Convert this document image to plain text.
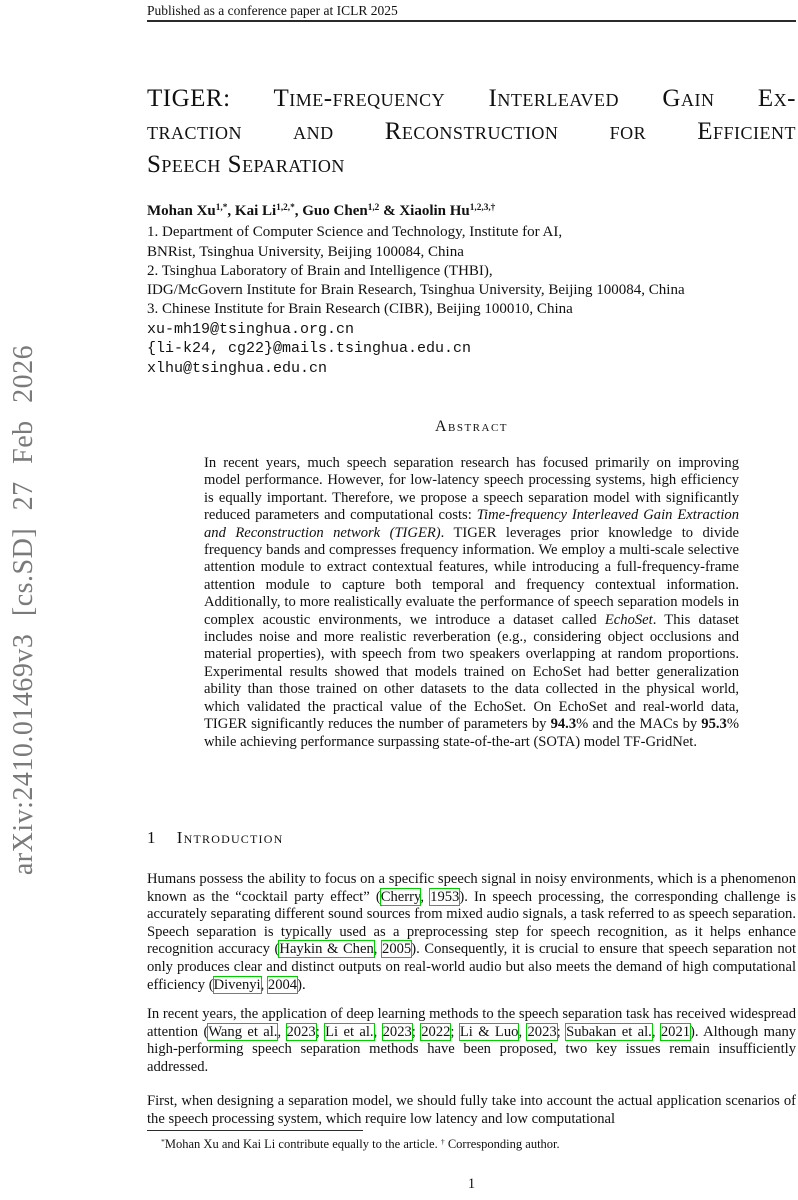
Published as a conference paper at ICLR 2025
arXiv:2410.01469v3 [cs.SD] 27 Feb 2026
TIGER: Time-frequency Interleaved Gain Ex-
traction and Reconstruction for Efficient
Speech Separation
Mohan $Xu^{1,*}$, Kai $Li^{1,2,*}$, Guo Chen$^{1,2}$ & Xiaolin $Hu^{1,2,3,\dagger}$
1. Department of Computer Science and Technology, Institute for AI,
BNRist, Tsinghua University, Beijing 100084, China
2. Tsinghua Laboratory of Brain and Intelligence (THBI),
IDG/McGovern Institute for Brain Research, Tsinghua University, Beijing 100084, China
3. Chinese Institute for Brain Research (CIBR), Beijing 100010, China
xu-mh19@tsinghua.org.cn
{li-k24, cg22}@mails.tsinghua.edu.cn
xlhu@tsinghua.edu.cn
Abstract
In recent years, much speech separation research has focused primarily on improving model performance. However, for low-latency speech processing systems, high efficiency is equally important. Therefore, we propose a speech separation model with significantly reduced parameters and computational costs: Time-frequency Interleaved Gain Extraction and Reconstruction network (TIGER). TIGER leverages prior knowledge to divide frequency bands and compresses frequency information. We employ a multi-scale selective attention module to extract contextual features, while introducing a full-frequency-frame attention module to capture both temporal and frequency contextual information. Additionally, to more realistically evaluate the performance of speech separation models in complex acoustic environments, we introduce a dataset called EchoSet. This dataset includes noise and more realistic reverberation (e.g., considering object occlusions and material properties), with speech from two speakers overlapping at random proportions. Experimental results showed that models trained on EchoSet had better generalization ability than those trained on other datasets to the data collected in the physical world, which validated the practical value of the EchoSet. On EchoSet and real-world data, TIGER significantly reduces the number of parameters by 94.3% and the MACs by 95.3% while achieving performance surpassing state-of-the-art (SOTA) model TF-GridNet.
1 Introduction
Humans possess the ability to focus on a specific speech signal in noisy environments, which is a phenomenon known as the “cocktail party effect” (Cherry, 1953). In speech processing, the corresponding challenge is accurately separating different sound sources from mixed audio signals, a task referred to as speech separation. Speech separation is typically used as a preprocessing step for speech recognition, as it helps enhance recognition accuracy (Haykin & Chen, 2005). Consequently, it is crucial to ensure that speech separation not only produces clear and distinct outputs on real-world audio but also meets the demand of high computational efficiency (Divenyi, 2004).
In recent years, the application of deep learning methods to the speech separation task has received widespread attention (Wang et al., 2023; Li et al., 2023; 2022; Li & Luo, 2023; Subakan et al., 2021). Although many high-performing speech separation methods have been proposed, two key issues remain insufficiently addressed.
First, when designing a separation model, we should fully take into account the actual application scenarios of the speech processing system, which require low latency and low computational
*Mohan Xu and Kai Li contribute equally to the article. † Corresponding author.
1
